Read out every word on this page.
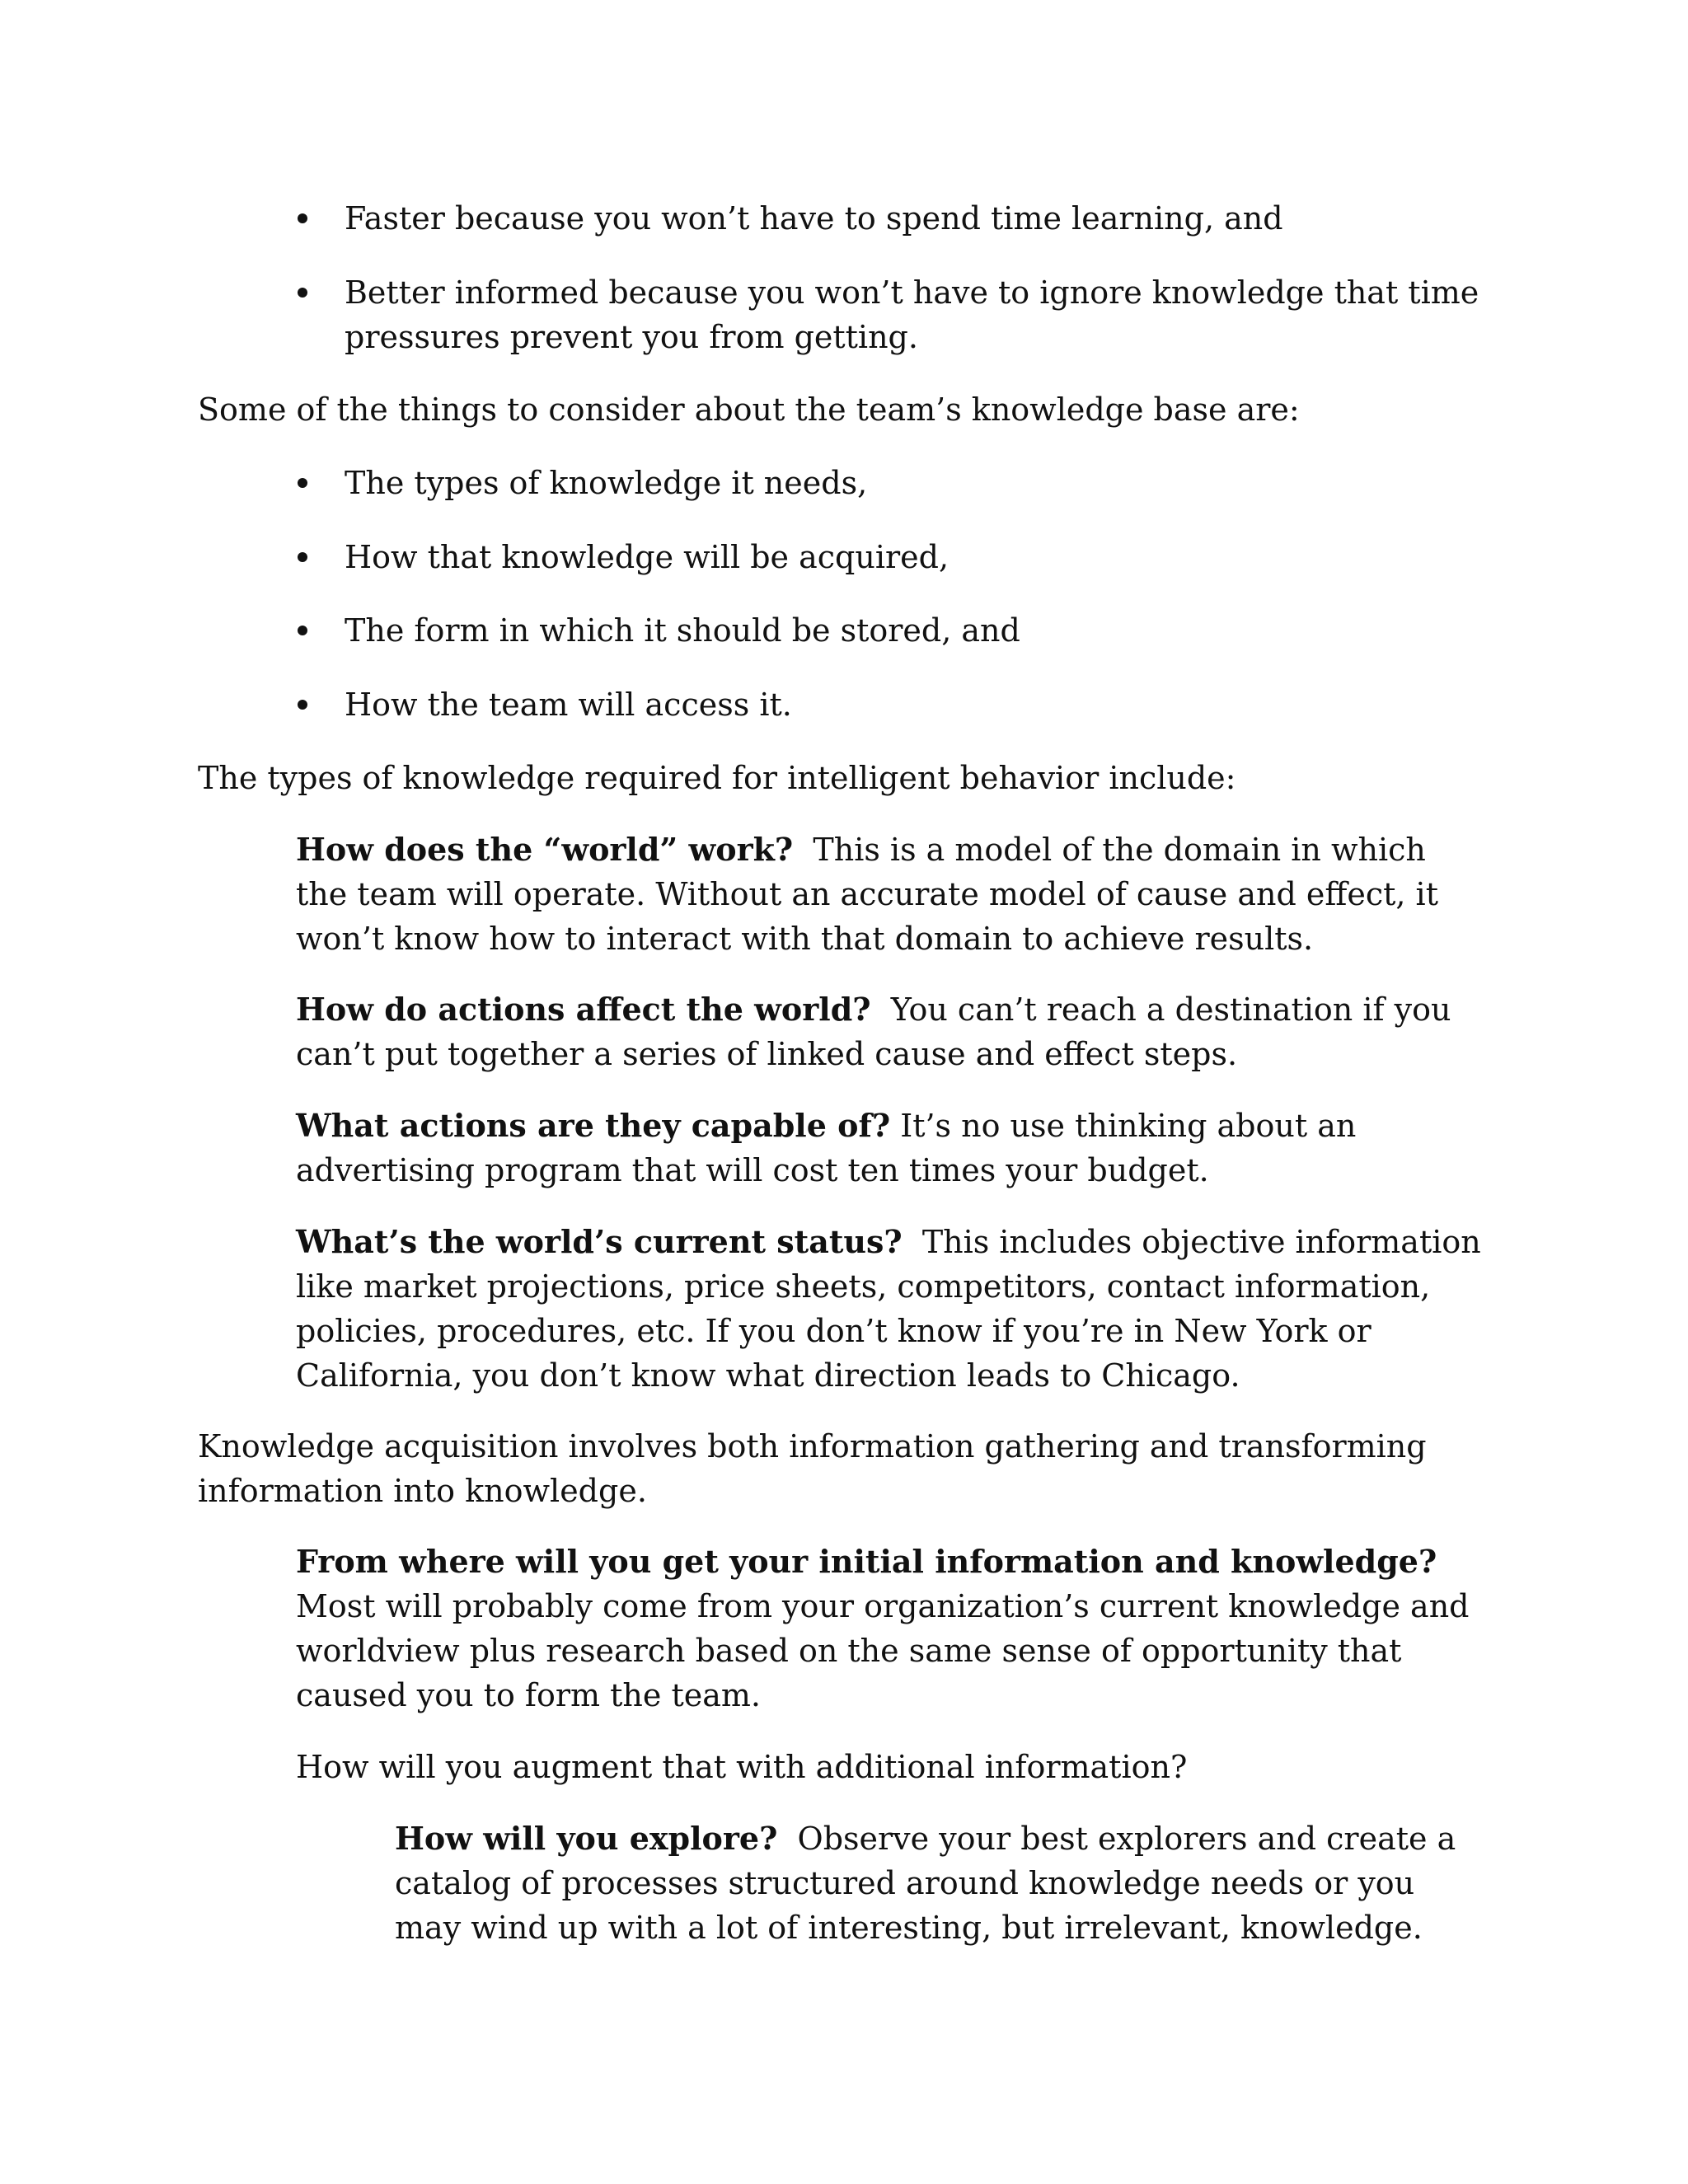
Faster because you won’t have to spend time learning, and
Better informed because you won’t have to ignore knowledge that time
pressures prevent you from getting.
Some of the things to consider about the team’s knowledge base are:
The types of knowledge it needs,
How that knowledge will be acquired,
The form in which it should be stored, and
How the team will access it.
The types of knowledge required for intelligent behavior include:
How does the “world” work? This is a model of the domain in which
the team will operate. Without an accurate model of cause and effect, it
won’t know how to interact with that domain to achieve results.
How do actions affect the world? You can’t reach a destination if you
can’t put together a series of linked cause and effect steps.
What actions are they capable of? It’s no use thinking about an
advertising program that will cost ten times your budget.
What’s the world’s current status? This includes objective information
like market projections, price sheets, competitors, contact information,
policies, procedures, etc. If you don’t know if you’re in New York or
California, you don’t know what direction leads to Chicago.
Knowledge acquisition involves both information gathering and transforming
information into knowledge.
From where will you get your initial information and knowledge?
Most will probably come from your organization’s current knowledge and
worldview plus research based on the same sense of opportunity that
caused you to form the team.
How will you augment that with additional information?
How will you explore? Observe your best explorers and create a
catalog of processes structured around knowledge needs or you
may wind up with a lot of interesting, but irrelevant, knowledge.
